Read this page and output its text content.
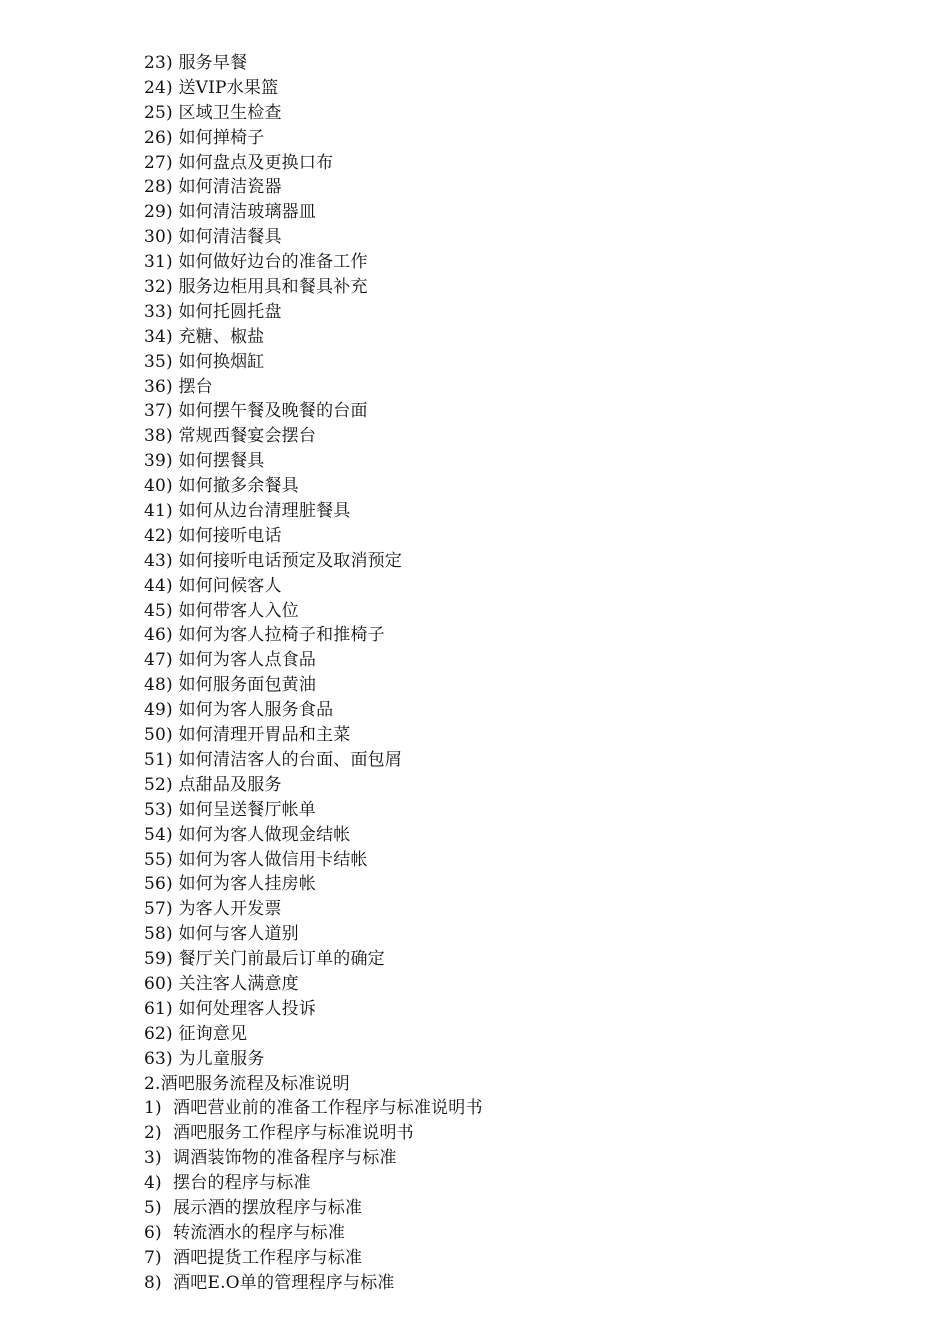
23) 服务早餐
24) 送VIP水果篮
25) 区域卫生检查
26) 如何掸椅子
27) 如何盘点及更换口布
28) 如何清洁瓷器
29) 如何清洁玻璃器皿
30) 如何清洁餐具
31) 如何做好边台的准备工作
32) 服务边柜用具和餐具补充
33) 如何托圆托盘
34) 充糖、椒盐
35) 如何换烟缸
36) 摆台
37) 如何摆午餐及晚餐的台面
38) 常规西餐宴会摆台
39) 如何摆餐具
40) 如何撤多余餐具
41) 如何从边台清理脏餐具
42) 如何接听电话
43) 如何接听电话预定及取消预定
44) 如何问候客人
45) 如何带客人入位
46) 如何为客人拉椅子和推椅子
47) 如何为客人点食品
48) 如何服务面包黄油
49) 如何为客人服务食品
50) 如何清理开胃品和主菜
51) 如何清洁客人的台面、面包屑
52) 点甜品及服务
53) 如何呈送餐厅帐单
54) 如何为客人做现金结帐
55) 如何为客人做信用卡结帐
56) 如何为客人挂房帐
57) 为客人开发票
58) 如何与客人道别
59) 餐厅关门前最后订单的确定
60) 关注客人满意度
61) 如何处理客人投诉
62) 征询意见
63) 为儿童服务
2.酒吧服务流程及标准说明
1)  酒吧营业前的准备工作程序与标准说明书
2)  酒吧服务工作程序与标准说明书
3)  调酒装饰物的准备程序与标准
4)  摆台的程序与标准
5)  展示酒的摆放程序与标准
6)  转流酒水的程序与标准
7)  酒吧提货工作程序与标准
8)  酒吧E.O单的管理程序与标准
